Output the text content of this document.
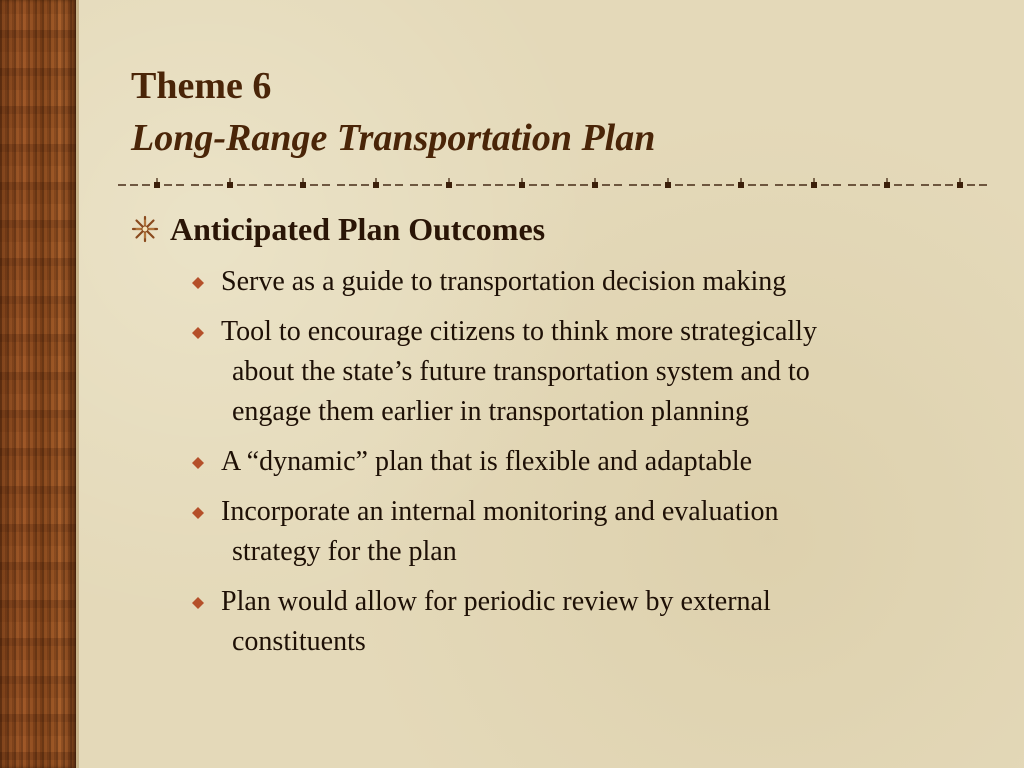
Theme 6
Long-Range Transportation Plan
Anticipated Plan Outcomes
Serve as a guide to transportation decision making
Tool to encourage citizens to think more strategically
about the state’s future transportation system and to
engage them earlier in transportation planning
A “dynamic” plan that is flexible and adaptable
Incorporate an internal monitoring and evaluation
strategy for the plan
Plan would allow for periodic review by external
constituents
